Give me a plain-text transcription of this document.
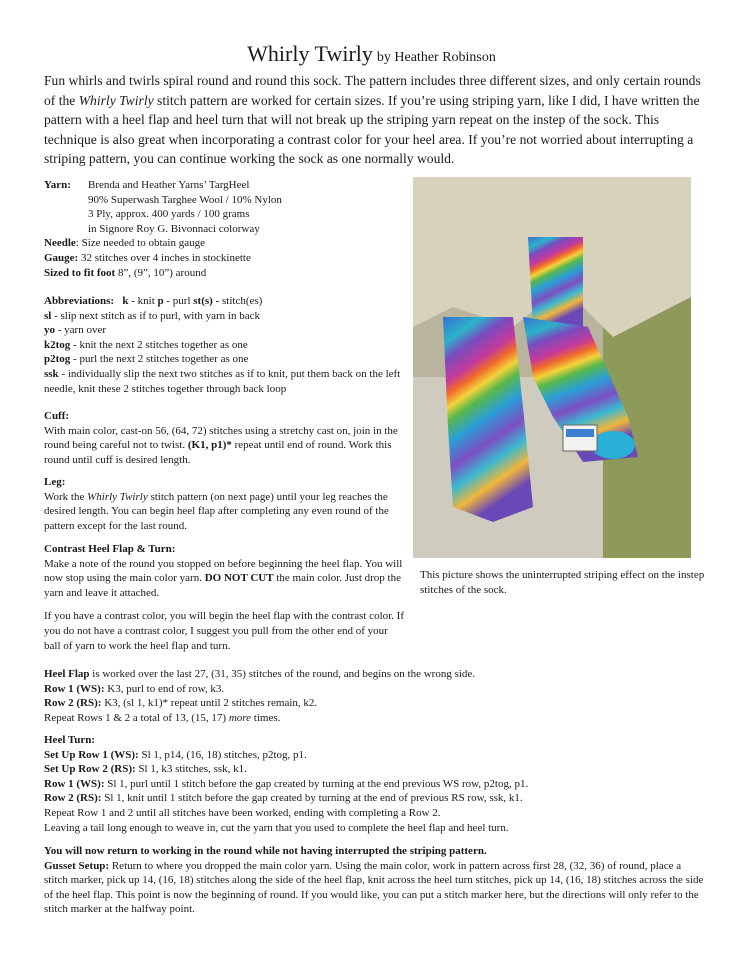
Whirly Twirly by Heather Robinson
Fun whirls and twirls spiral round and round this sock. The pattern includes three different sizes, and only certain rounds of the Whirly Twirly stitch pattern are worked for certain sizes. If you’re using striping yarn, like I did, I have written the pattern with a heel flap and heel turn that will not break up the striping yarn repeat on the instep of the sock. This technique is also great when incorporating a contrast color for your heel area. If you’re not worried about interrupting a striping pattern, you can continue working the sock as one normally would.
Yarn:	Brenda and Heather Yarns’ TargHeel
90% Superwash Targhee Wool / 10% Nylon
3 Ply, approx. 400 yards / 100 grams
in Signore Roy G. Bivonnaci colorway

Needle: Size needed to obtain gauge

Gauge: 32 stitches over 4 inches in stockinette

Sized to fit foot 8”, (9”, 10”) around

Abbreviations: k - knit p - purl st(s) - stitch(es)

sl - slip next stitch as if to purl, with yarn in back

yo - yarn over

k2tog - knit the next 2 stitches together as one

p2tog - purl the next 2 stitches together as one

ssk - individually slip the next two stitches as if to knit, put them back on the left needle, knit these 2 stitches together through back loop

Cuff:

With main color, cast-on 56, (64, 72) stitches using a stretchy cast on, join in the round being careful not to twist. (K1, p1)* repeat until end of round. Work this round until cuff is desired length.

Leg:

Work the Whirly Twirly stitch pattern (on next page) until your leg reaches the desired length. You can begin heel flap after completing any even round of the pattern except for the last round.

Contrast Heel Flap & Turn:

Make a note of the round you stopped on before beginning the heel flap. You will now stop using the main color yarn. DO NOT CUT the main color. Just drop the yarn and leave it attached.

If you have a contrast color, you will begin the heel flap with the contrast color. If you do not have a contrast color, I suggest you pull from the other end of your ball of yarn to work the heel flap and turn.

This picture shows the uninterrupted striping effect on the instep stitches of the sock.

Heel Flap is worked over the last 27, (31, 35) stitches of the round, and begins on the wrong side.

Row 1 (WS): K3, purl to end of row, k3.

Row 2 (RS): K3, (sl 1, k1)* repeat until 2 stitches remain, k2.

Repeat Rows 1 & 2 a total of 13, (15, 17) more times.

Heel Turn:

Set Up Row 1 (WS): Sl 1, p14, (16, 18) stitches, p2tog, p1.

Set Up Row 2 (RS): Sl 1, k3 stitches, ssk, k1.

Row 1 (WS): Sl 1, purl until 1 stitch before the gap created by turning at the end previous WS row, p2tog, p1.

Row 2 (RS): Sl 1, knit until 1 stitch before the gap created by turning at the end of previous RS row, ssk, k1.

Repeat Row 1 and 2 until all stitches have been worked, ending with completing a Row 2.

Leaving a tail long enough to weave in, cut the yarn that you used to complete the heel flap and heel turn.

You will now return to working in the round while not having interrupted the striping pattern.

Gusset Setup: Return to where you dropped the main color yarn. Using the main color, work in pattern across first 28, (32, 36) of round, place a stitch marker, pick up 14, (16, 18) stitches along the side of the heel flap, knit across the heel turn stitches, pick up 14, (16, 18) stitches across the side of the heel flap. This point is now the beginning of round. If you would like, you can put a stitch marker here, but the directions will only refer to the stitch marker at the halfway point.
